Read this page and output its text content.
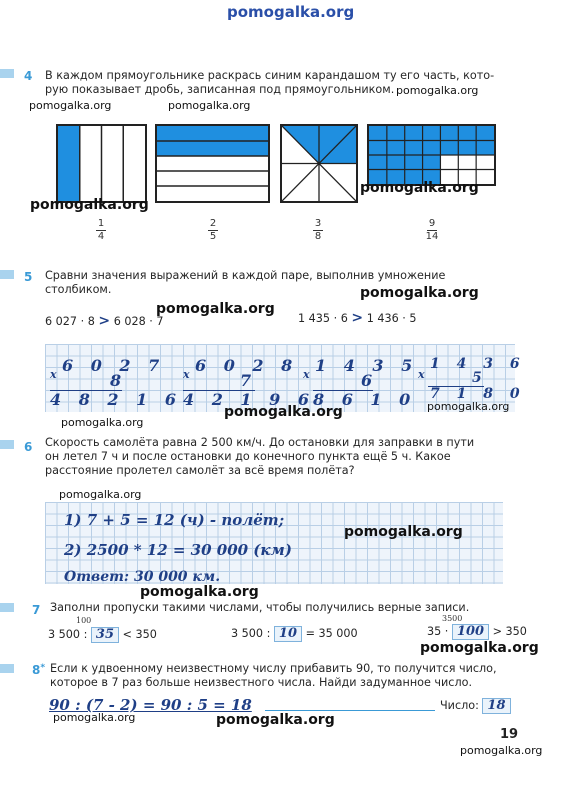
pomogalka.org
4 В каждом прямоугольнике раскрась синим карандашом ту его часть, кото-
рую показывает дробь, записанная под прямоугольником.
pomogalka.org	pomogalka.org
pomogalka.org
pomogalka.org
pomogalka.org
1
4
2
5
3
8
9
14
5 Сравни значения выражений в каждой паре, выполнив умножение
столбиком.	pomogalka.org
pomogalka.org
6 027 · 8 > 6 028 · 7	1 435 · 6 > 1 436 · 5
x 6 0 2 7
8
4 8 2 1 6
x 6 0 2 8
7
4 2 1 9 6
x 1 4 3 5
6
8 6 1 0
x
1 4 3 6
5
7 1 8 0
pomogalka.org	pomogalka.org
pomogalka.org
6 Скорость самолёта равна 2 500 км/ч. До остановки для заправки в пути
он летел 7 ч и после остановки до конечного пункта ещё 5 ч. Какое
расстояние пролетел самолёт за всё время полёта?
pomogalka.org
1) 7 + 5 = 12 (ч) - полёт;
2) 2500 * 12 = 30 000 (км)
Ответ: 30 000 км.
pomogalka.org
pomogalka.org
7 Заполни пропуски такими числами, чтобы получились верные записи.
100
3 500 : 35 < 350	3 500 : 10 = 35 000
3500
35 · 100 > 350
pomogalka.org
8* Если к удвоенному неизвестному числу прибавить 90, то получится число,
которое в 7 раз больше неизвестного числа. Найди задуманное число.
90 : (7 - 2) = 90 : 5 = 18	Число: 18
pomogalka.org	pomogalka.org
19
pomogalka.org
